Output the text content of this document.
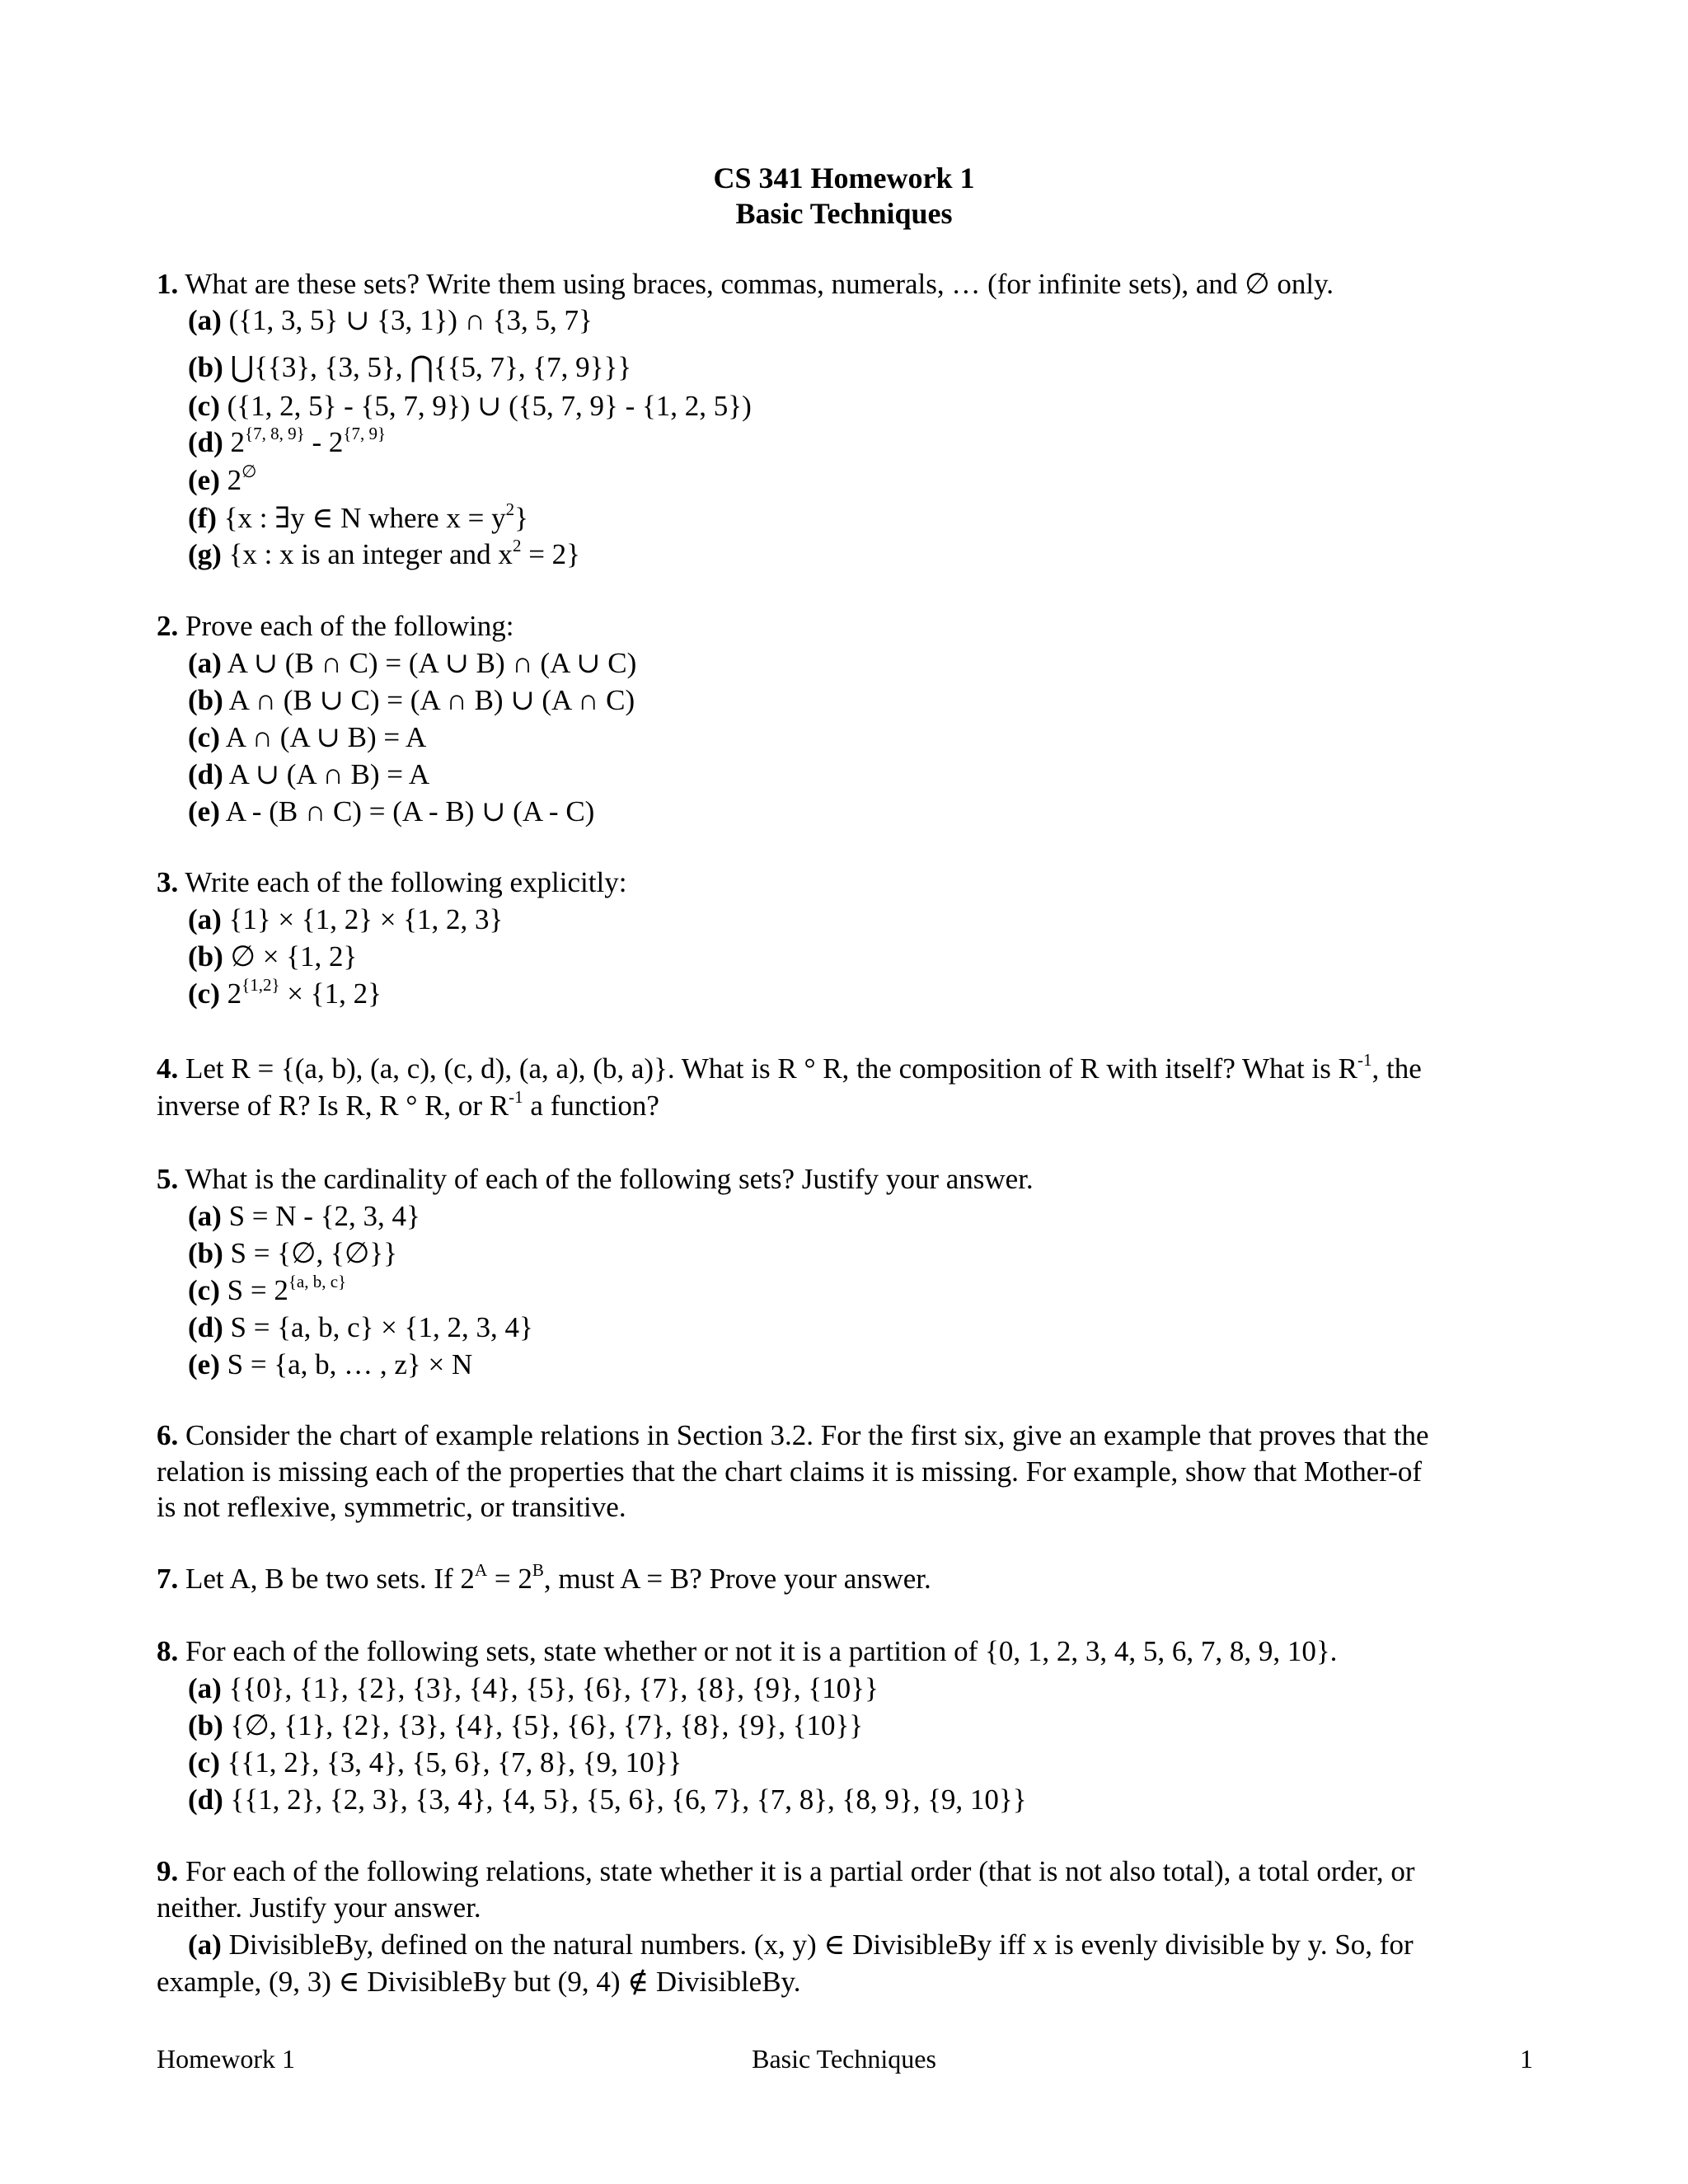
CS 341 Homework 1
Basic Techniques
1. What are these sets? Write them using braces, commas, numerals, … (for infinite sets), and ∅ only.
(a) ({1, 3, 5} ∪ {3, 1}) ∩ {3, 5, 7}
(b) ⋃{{3}, {3, 5}, ⋂{{5, 7}, {7, 9}}}
(c) ({1, 2, 5} - {5, 7, 9}) ∪ ({5, 7, 9} - {1, 2, 5})
(d) $2^{\{7, 8, 9\}} - 2^{\{7, 9\}}$
(e) 2∅
(f) {x : ∃y ∈ N where $x = y^2$}
(g) {x : x is an integer and $x^2 = 2$}
2. Prove each of the following:
(a) A ∪ (B ∩ C) = (A ∪ B) ∩ (A ∪ C)
(b) A ∩ (B ∪ C) = (A ∩ B) ∪ (A ∩ C)
(c) A ∩ (A ∪ B) = A
(d) A ∪ (A ∩ B) = A
(e) A - (B ∩ C) = (A - B) ∪ (A - C)
3. Write each of the following explicitly:
(a) {1} × {1, 2} × {1, 2, 3}
(b) ∅ × {1, 2}
(c) $2^{\{1,2\}} \times \{1$, 2}
4. Let R = {(a, b), (a, c), (c, d), (a, a), (b, a)}. What is R ° R, the composition of R with itself? What is $R^{-1}$, the
inverse of R? Is R, R ° R, or $R^{-1}$ a function?
5. What is the cardinality of each of the following sets? Justify your answer.
(a) S = N - {2, 3, 4}
(b) S = {∅, {∅}}
(c) $S = 2^{\{a, b, c\}}$
(d) S = {a, b, c} × {1, 2, 3, 4}
(e) S = {a, b, … , z} × N
6. Consider the chart of example relations in Section 3.2. For the first six, give an example that proves that the
relation is missing each of the properties that the chart claims it is missing. For example, show that Mother-of
is not reflexive, symmetric, or transitive.
7. Let A, B be two sets. If $2^A = 2^B$, must A = B? Prove your answer.
8. For each of the following sets, state whether or not it is a partition of {0, 1, 2, 3, 4, 5, 6, 7, 8, 9, 10}.
(a) {{0}, {1}, {2}, {3}, {4}, {5}, {6}, {7}, {8}, {9}, {10}}
(b) {∅, {1}, {2}, {3}, {4}, {5}, {6}, {7}, {8}, {9}, {10}}
(c) {{1, 2}, {3, 4}, {5, 6}, {7, 8}, {9, 10}}
(d) {{1, 2}, {2, 3}, {3, 4}, {4, 5}, {5, 6}, {6, 7}, {7, 8}, {8, 9}, {9, 10}}
9. For each of the following relations, state whether it is a partial order (that is not also total), a total order, or
neither. Justify your answer.
(a) DivisibleBy, defined on the natural numbers. (x, y) ∈ DivisibleBy iff x is evenly divisible by y. So, for
example, (9, 3) ∈ DivisibleBy but (9, 4) ∉ DivisibleBy.
Homework 1	Basic Techniques	1
